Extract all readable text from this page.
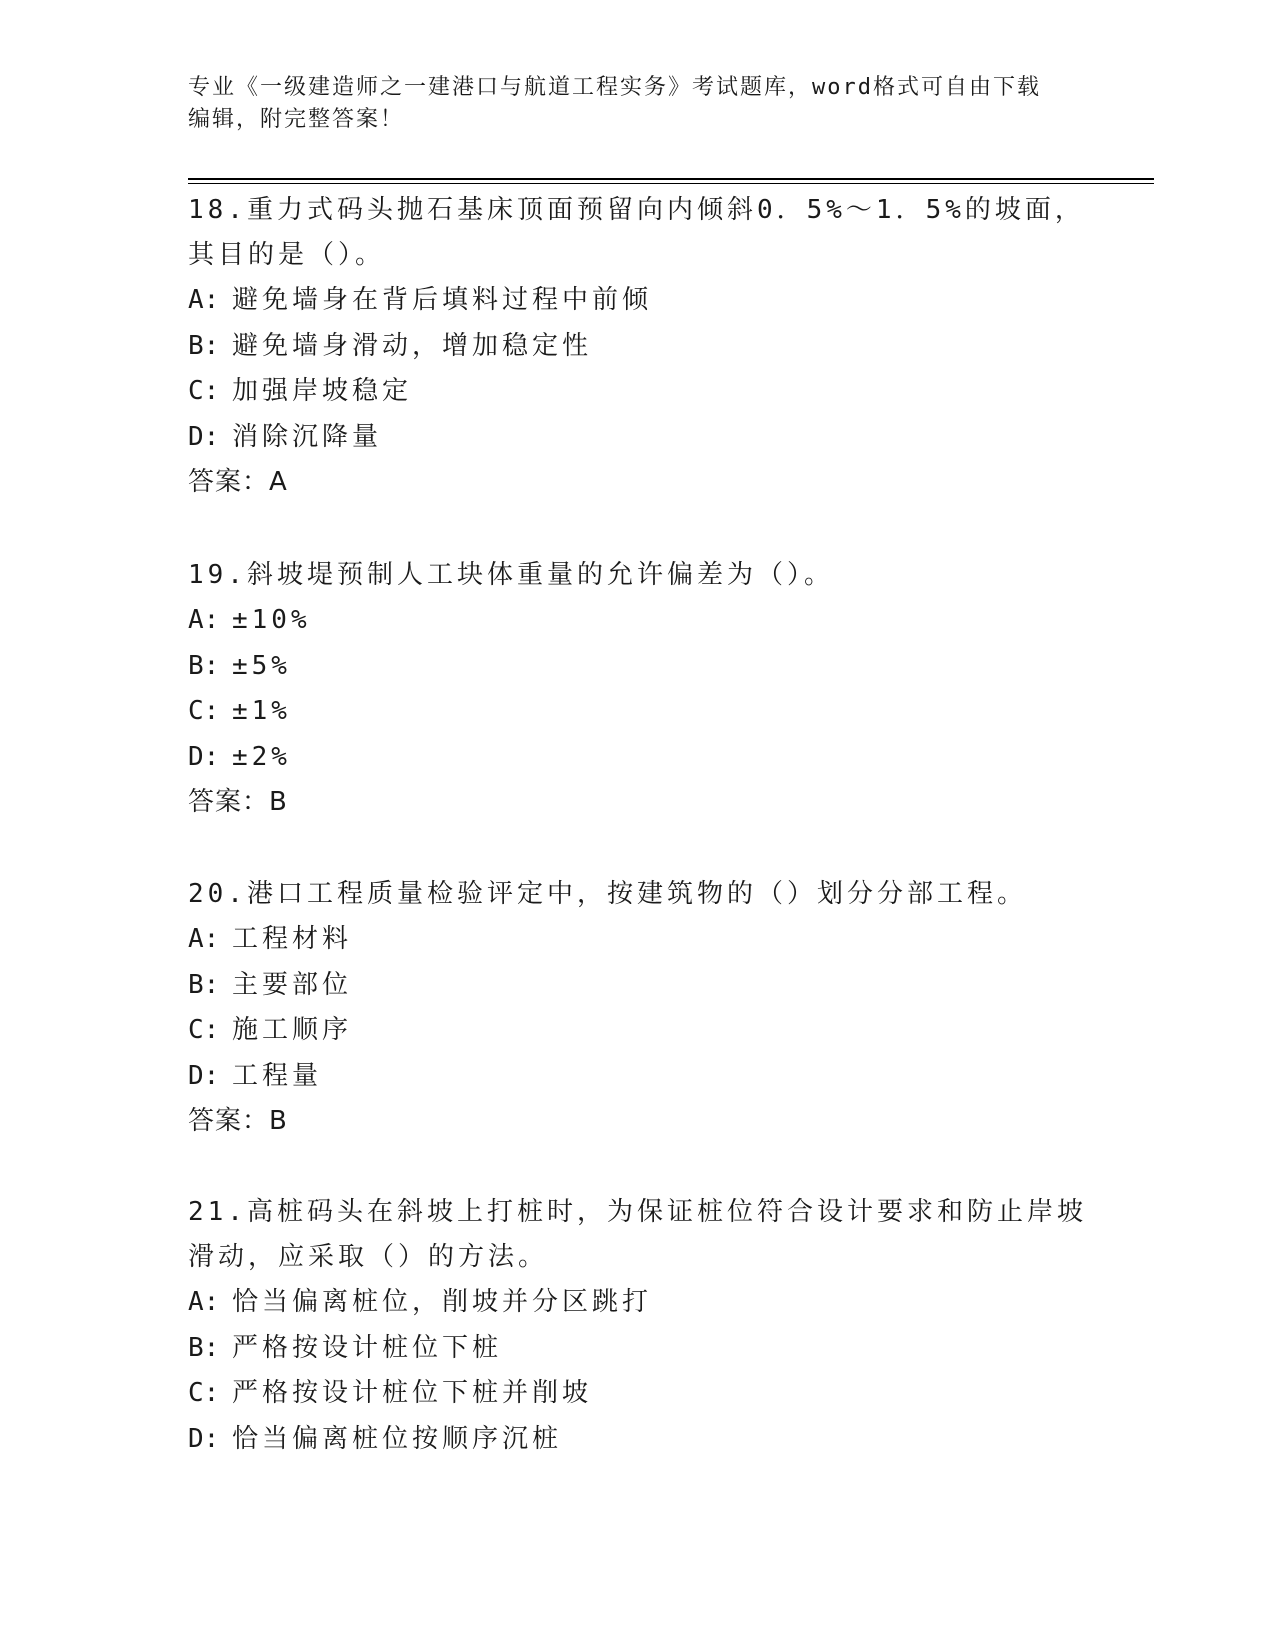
专业《一级建造师之一建港口与航道工程实务》考试题库，word格式可自由下载
编辑，附完整答案！

18.重力式码头抛石基床顶面预留向内倾斜0．5%～1．5%的坡面，其目的是（）。

A: 避免墙身在背后填料过程中前倾
B: 避免墙身滑动，增加稳定性
C: 加强岸坡稳定
D: 消除沉降量
答案：A

19.斜坡堤预制人工块体重量的允许偏差为（）。

A: ±10%
B: ±5%
C: ±1%
D: ±2%
答案：B

20.港口工程质量检验评定中，按建筑物的（）划分分部工程。

A: 工程材料
B: 主要部位
C: 施工顺序
D: 工程量
答案：B

21.高桩码头在斜坡上打桩时，为保证桩位符合设计要求和防止岸坡滑动，应采取（）的方法。

A: 恰当偏离桩位，削坡并分区跳打
B: 严格按设计桩位下桩
C: 严格按设计桩位下桩并削坡
D: 恰当偏离桩位按顺序沉桩
